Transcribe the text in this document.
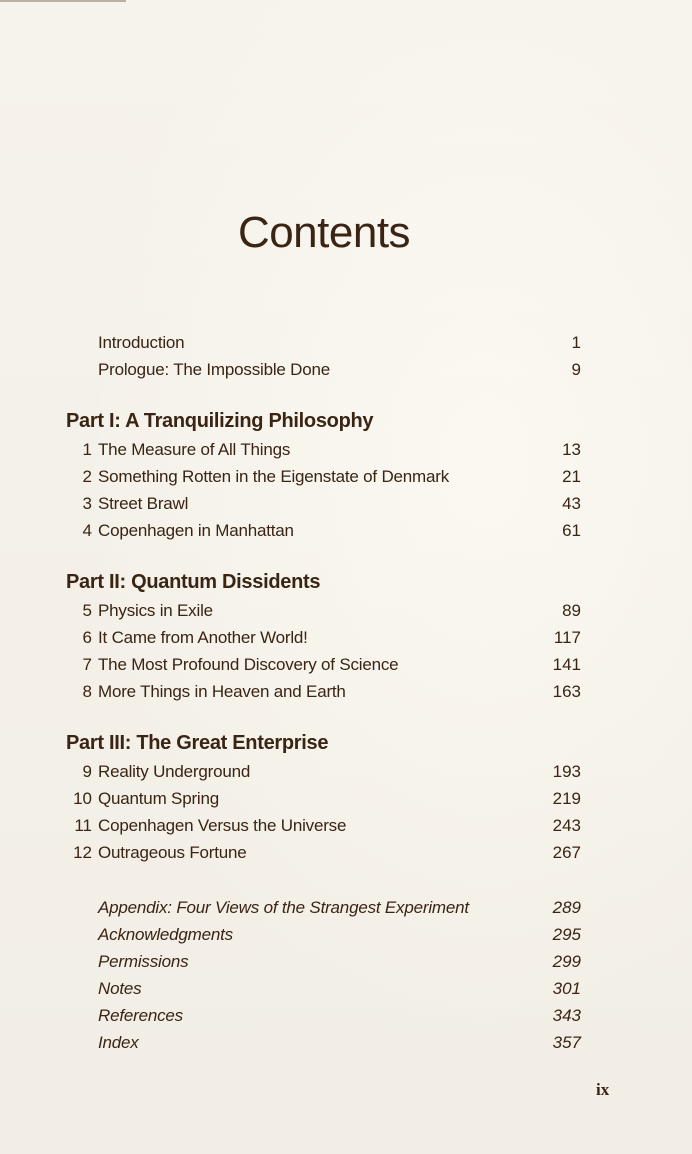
Contents
Introduction	1
Prologue: The Impossible Done	9
Part I: A Tranquilizing Philosophy
1 The Measure of All Things	13
2 Something Rotten in the Eigenstate of Denmark	21
3 Street Brawl	43
4 Copenhagen in Manhattan	61
Part II: Quantum Dissidents
5 Physics in Exile	89
6 It Came from Another World!	117
7 The Most Profound Discovery of Science	141
8 More Things in Heaven and Earth	163
Part III: The Great Enterprise
9 Reality Underground	193
10 Quantum Spring	219
11 Copenhagen Versus the Universe	243
12 Outrageous Fortune	267
Appendix: Four Views of the Strangest Experiment	289
Acknowledgments	295
Permissions	299
Notes	301
References	343
Index	357
ix
